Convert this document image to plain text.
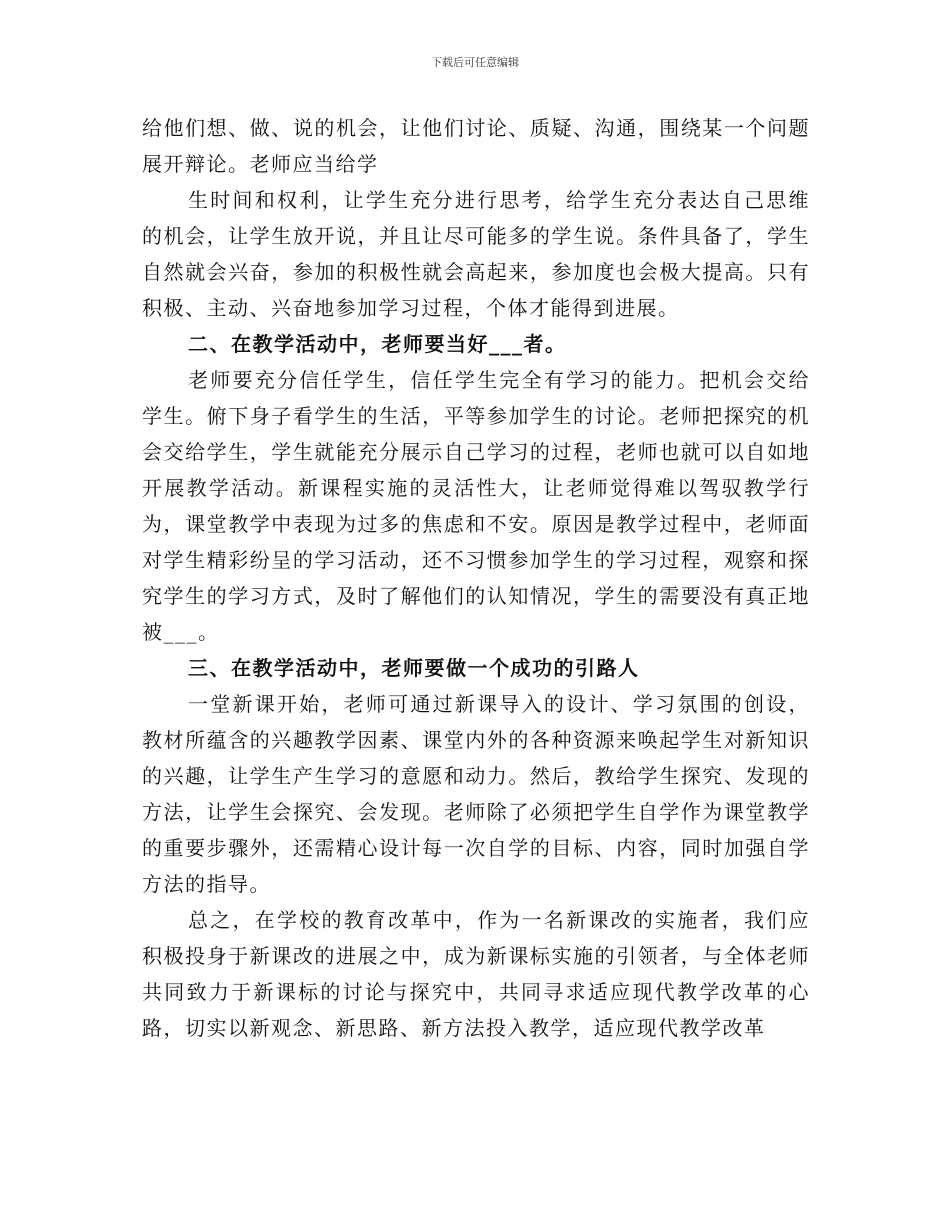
下载后可任意编辑

给他们想、做、说的机会，让他们讨论、质疑、沟通，围绕某一个问题展开辩论。老师应当给学

生时间和权利，让学生充分进行思考，给学生充分表达自己思维的机会，让学生放开说，并且让尽可能多的学生说。条件具备了，学生自然就会兴奋，参加的积极性就会高起来，参加度也会极大提高。只有积极、主动、兴奋地参加学习过程，个体才能得到进展。

二、在教学活动中，老师要当好___者。

老师要充分信任学生，信任学生完全有学习的能力。把机会交给学生。俯下身子看学生的生活，平等参加学生的讨论。老师把探究的机会交给学生，学生就能充分展示自己学习的过程，老师也就可以自如地开展教学活动。新课程实施的灵活性大，让老师觉得难以驾驭教学行为，课堂教学中表现为过多的焦虑和不安。原因是教学过程中，老师面对学生精彩纷呈的学习活动，还不习惯参加学生的学习过程，观察和探究学生的学习方式，及时了解他们的认知情况，学生的需要没有真正地被___。

三、在教学活动中，老师要做一个成功的引路人

一堂新课开始，老师可通过新课导入的设计、学习氛围的创设，教材所蕴含的兴趣教学因素、课堂内外的各种资源来唤起学生对新知识的兴趣，让学生产生学习的意愿和动力。然后，教给学生探究、发现的方法，让学生会探究、会发现。老师除了必须把学生自学作为课堂教学的重要步骤外，还需精心设计每一次自学的目标、内容，同时加强自学方法的指导。

总之，在学校的教育改革中，作为一名新课改的实施者，我们应积极投身于新课改的进展之中，成为新课标实施的引领者，与全体老师共同致力于新课标的讨论与探究中，共同寻求适应现代教学改革的心路，切实以新观念、新思路、新方法投入教学，适应现代教学改革
